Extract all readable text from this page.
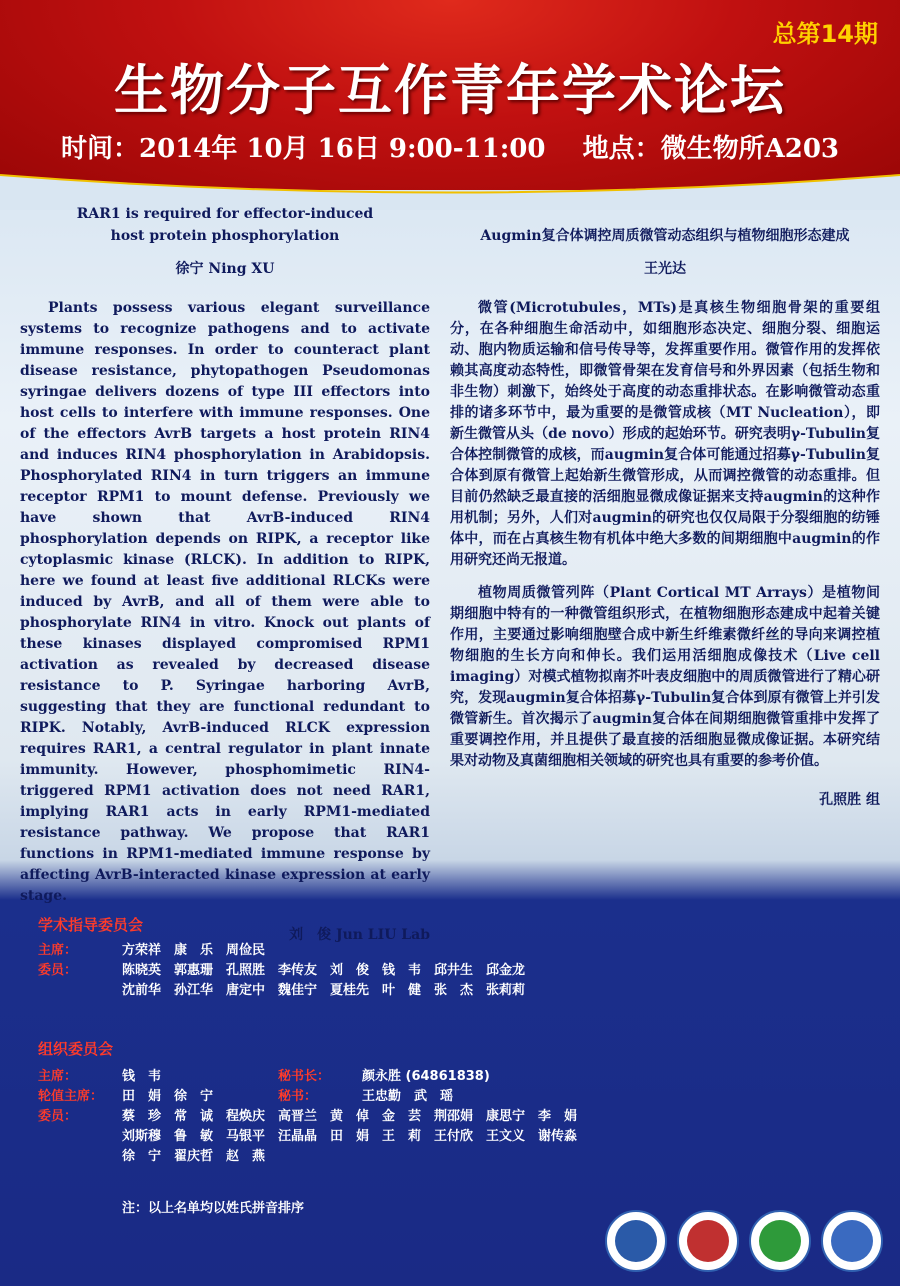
总第14期
生物分子互作青年学术论坛
时间：2014年 10月 16日 9:00-11:00 地点：微生物所A203
RAR1 is required for effector-induced
host protein phosphorylation
徐宁 Ning XU

Plants possess various elegant surveillance systems to recognize pathogens and to activate immune responses. In order to counteract plant disease resistance, phytopathogen Pseudomonas syringae delivers dozens of type III effectors into host cells to interfere with immune responses. One of the effectors AvrB targets a host protein RIN4 and induces RIN4 phosphorylation in Arabidopsis. Phosphorylated RIN4 in turn triggers an immune receptor RPM1 to mount defense. Previously we have shown that AvrB-induced RIN4 phosphorylation depends on RIPK, a receptor like cytoplasmic kinase (RLCK). In addition to RIPK, here we found at least five additional RLCKs were induced by AvrB, and all of them were able to phosphorylate RIN4 in vitro. Knock out plants of these kinases displayed compromised RPM1 activation as revealed by decreased disease resistance to P. Syringae harboring AvrB, suggesting that they are functional redundant to RIPK. Notably, AvrB-induced RLCK expression requires RAR1, a central regulator in plant innate immunity. However, phosphomimetic RIN4-triggered RPM1 activation does not need RAR1, implying RAR1 acts in early RPM1-mediated resistance pathway. We propose that RAR1 functions in RPM1-mediated immune response by affecting AvrB-interacted kinase expression at early stage.

刘　俊 Jun LIU Lab
Augmin复合体调控周质微管动态组织与植物细胞形态建成
王光达

微管(Microtubules，MTs)是真核生物细胞骨架的重要组分，在各种细胞生命活动中，如细胞形态决定、细胞分裂、细胞运动、胞内物质运输和信号传导等，发挥重要作用。微管作用的发挥依赖其高度动态特性，即微管骨架在发育信号和外界因素（包括生物和非生物）刺激下，始终处于高度的动态重排状态。在影响微管动态重排的诸多环节中，最为重要的是微管成核（MT Nucleation），即新生微管从头（de novo）形成的起始环节。研究表明γ-Tubulin复合体控制微管的成核，而augmin复合体可能通过招募γ-Tubulin复合体到原有微管上起始新生微管形成，从而调控微管的动态重排。但目前仍然缺乏最直接的活细胞显微成像证据来支持augmin的这种作用机制；另外，人们对augmin的研究也仅仅局限于分裂细胞的纺锤体中，而在占真核生物有机体中绝大多数的间期细胞中augmin的作用研究还尚无报道。

植物周质微管列阵（Plant Cortical MT Arrays）是植物间期细胞中特有的一种微管组织形式，在植物细胞形态建成中起着关键作用，主要通过影响细胞壁合成中新生纤维素微纤丝的导向来调控植物细胞的生长方向和伸长。我们运用活细胞成像技术（Live cell imaging）对模式植物拟南芥叶表皮细胞中的周质微管进行了精心研究，发现augmin复合体招募γ-Tubulin复合体到原有微管上并引发微管新生。首次揭示了augmin复合体在间期细胞微管重排中发挥了重要调控作用，并且提供了最直接的活细胞显微成像证据。本研究结果对动物及真菌细胞相关领域的研究也具有重要的参考价值。

孔照胜 组
学术指导委员会
主席：	方荣祥　康　乐　周俭民
委员：	陈晓英　郭惠珊　孔照胜　李传友　刘　俊　钱　韦　邱井生　邱金龙
沈前华　孙江华　唐定中　魏佳宁　夏桂先　叶　健　张　杰　张莉莉
组织委员会
主席：	钱　韦	秘书长：	颜永胜 (64861838)
轮值主席：	田　娟　徐　宁	秘书：	王忠勤　武　瑶
委员：	蔡　珍　常　诚　程焕庆　高晋兰　黄　倬　金　芸　荆邵娟　康思宁　李　娟
刘斯穆　鲁　敏　马银平　汪晶晶　田　娟　王　莉　王付欣　王文义　谢传淼
徐　宁　翟庆哲　赵　燕
注：以上名单均以姓氏拼音排序
